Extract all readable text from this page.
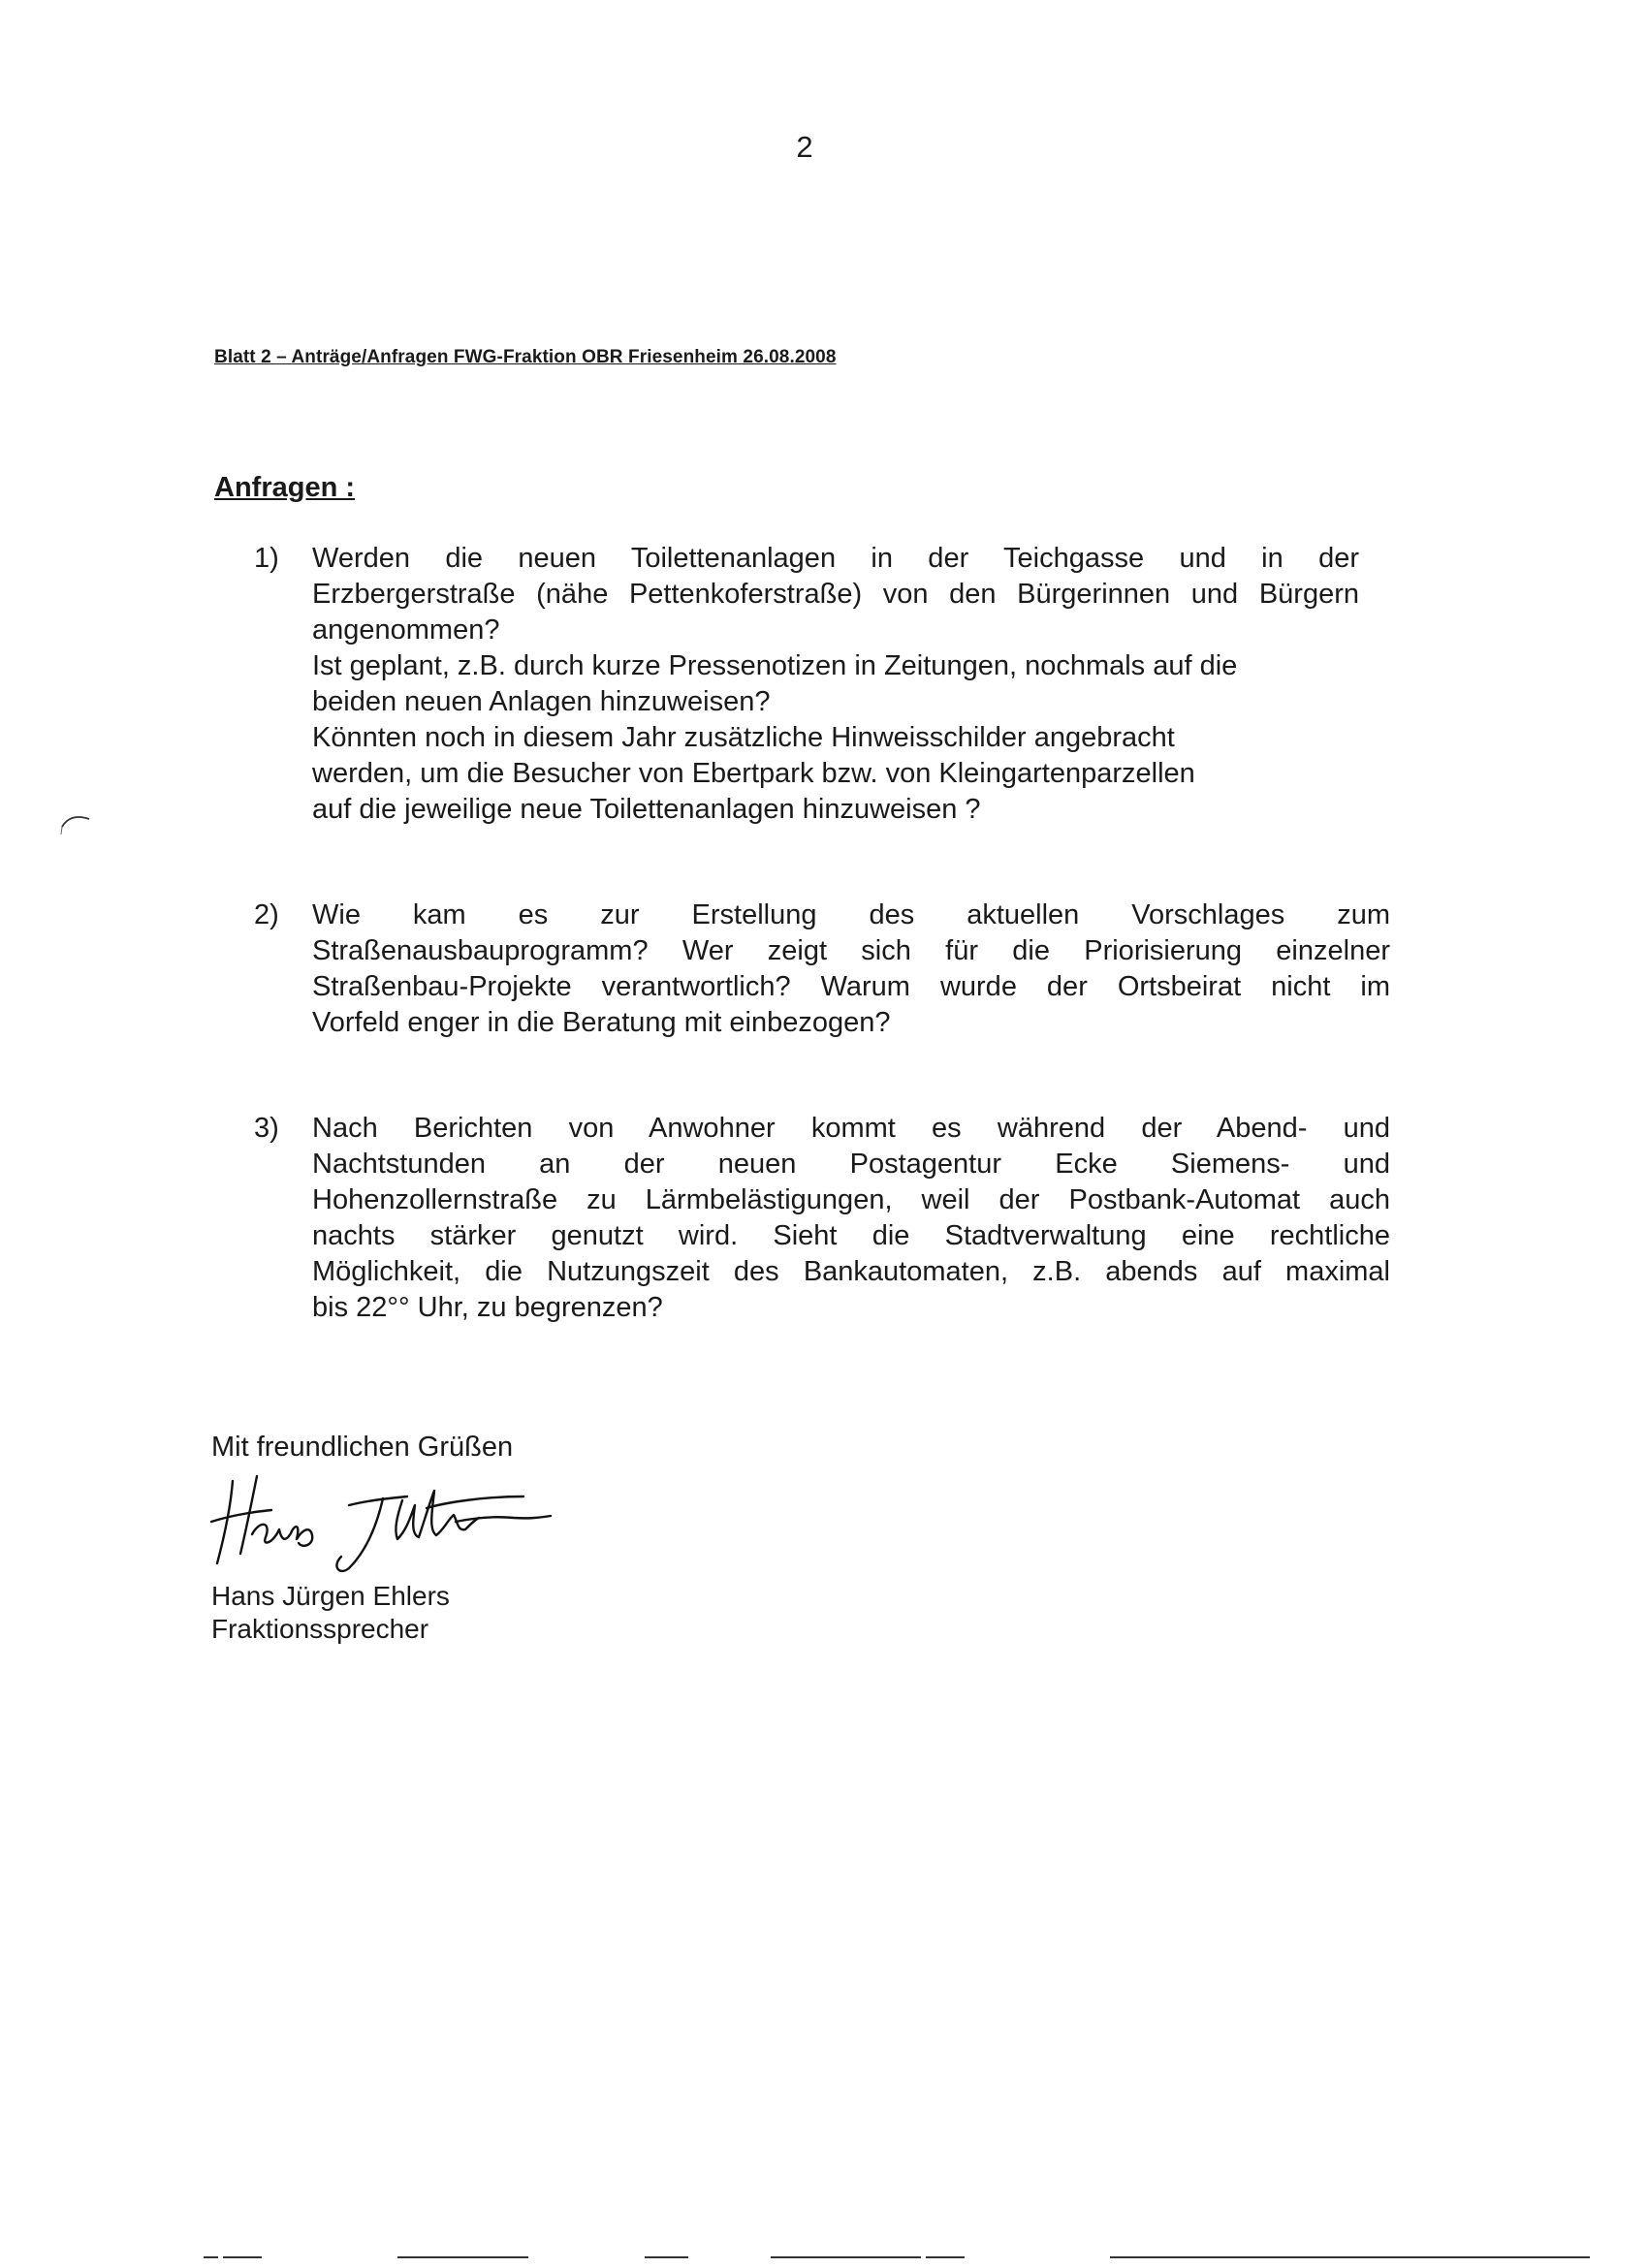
2
Blatt 2 – Anträge/Anfragen FWG-Fraktion OBR Friesenheim 26.08.2008
Anfragen :
1) Werden die neuen Toilettenanlagen in der Teichgasse und in der
Erzbergerstraße (nähe Pettenkoferstraße) von den Bürgerinnen und Bürgern
angenommen?
Ist geplant, z.B. durch kurze Pressenotizen in Zeitungen, nochmals auf die
beiden neuen Anlagen hinzuweisen?
Könnten noch in diesem Jahr zusätzliche Hinweisschilder angebracht
werden, um die Besucher von Ebertpark bzw. von Kleingartenparzellen
auf die jeweilige neue Toilettenanlagen hinzuweisen ?
2) Wie kam es zur Erstellung des aktuellen Vorschlages zum
Straßenausbauprogramm? Wer zeigt sich für die Priorisierung einzelner
Straßenbau-Projekte verantwortlich? Warum wurde der Ortsbeirat nicht im
Vorfeld enger in die Beratung mit einbezogen?
3) Nach Berichten von Anwohner kommt es während der Abend- und
Nachtstunden an der neuen Postagentur Ecke Siemens- und
Hohenzollernstraße zu Lärmbelästigungen, weil der Postbank-Automat auch
nachts stärker genutzt wird. Sieht die Stadtverwaltung eine rechtliche
Möglichkeit, die Nutzungszeit des Bankautomaten, z.B. abends auf maximal
bis 22°° Uhr, zu begrenzen?
Mit freundlichen Grüßen
Hans Jürgen Ehlers
Fraktionssprecher
